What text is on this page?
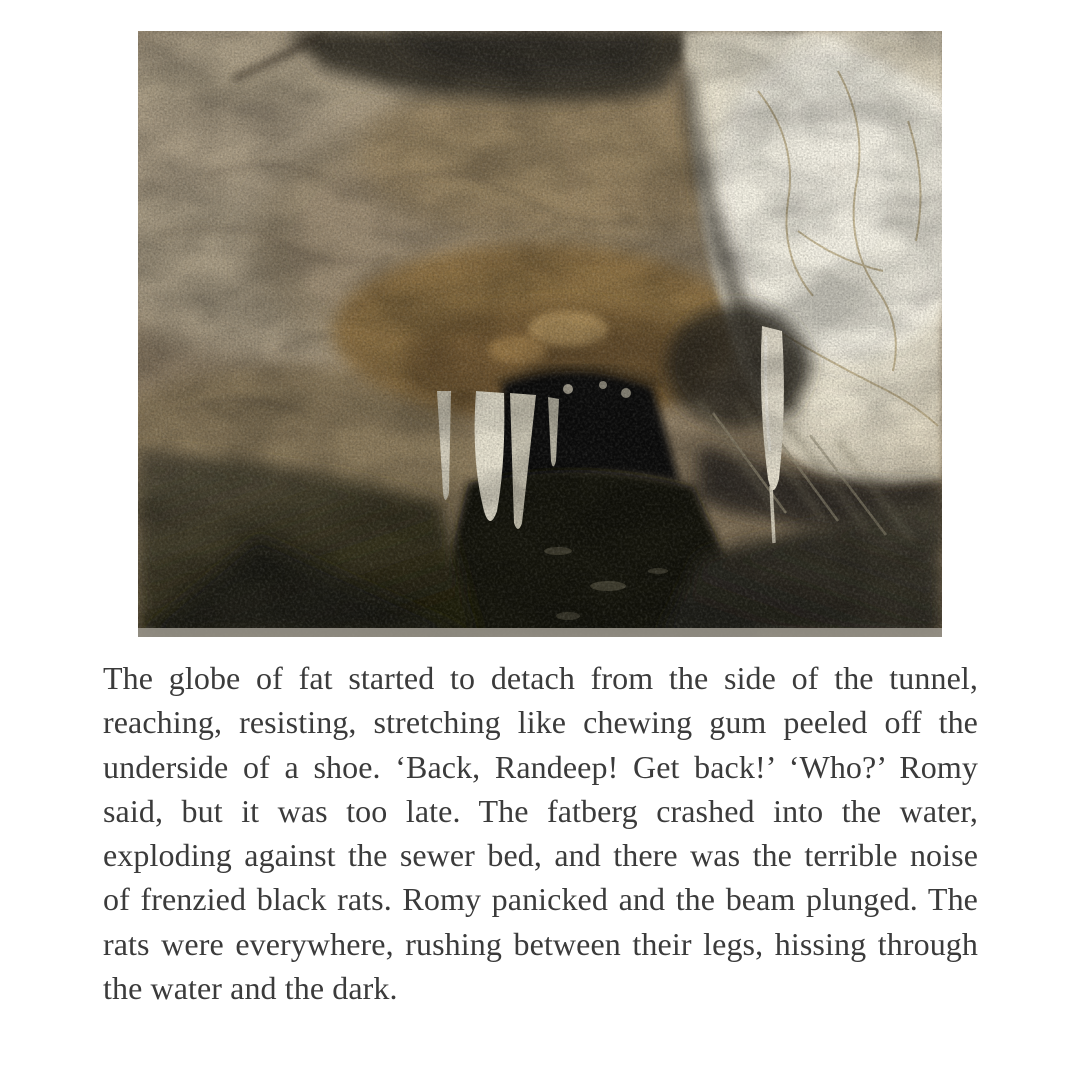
The globe of fat started to detach from the side of the tunnel,
reaching, resisting, stretching like chewing gum peeled off the
underside of a shoe. ‘Back, Randeep! Get back!’ ‘Who?’ Romy
said, but it was too late. The fatberg crashed into the water,
exploding against the sewer bed, and there was the terrible noise
of frenzied black rats. Romy panicked and the beam plunged. The
rats were everywhere, rushing between their legs, hissing through
the water and the dark.
